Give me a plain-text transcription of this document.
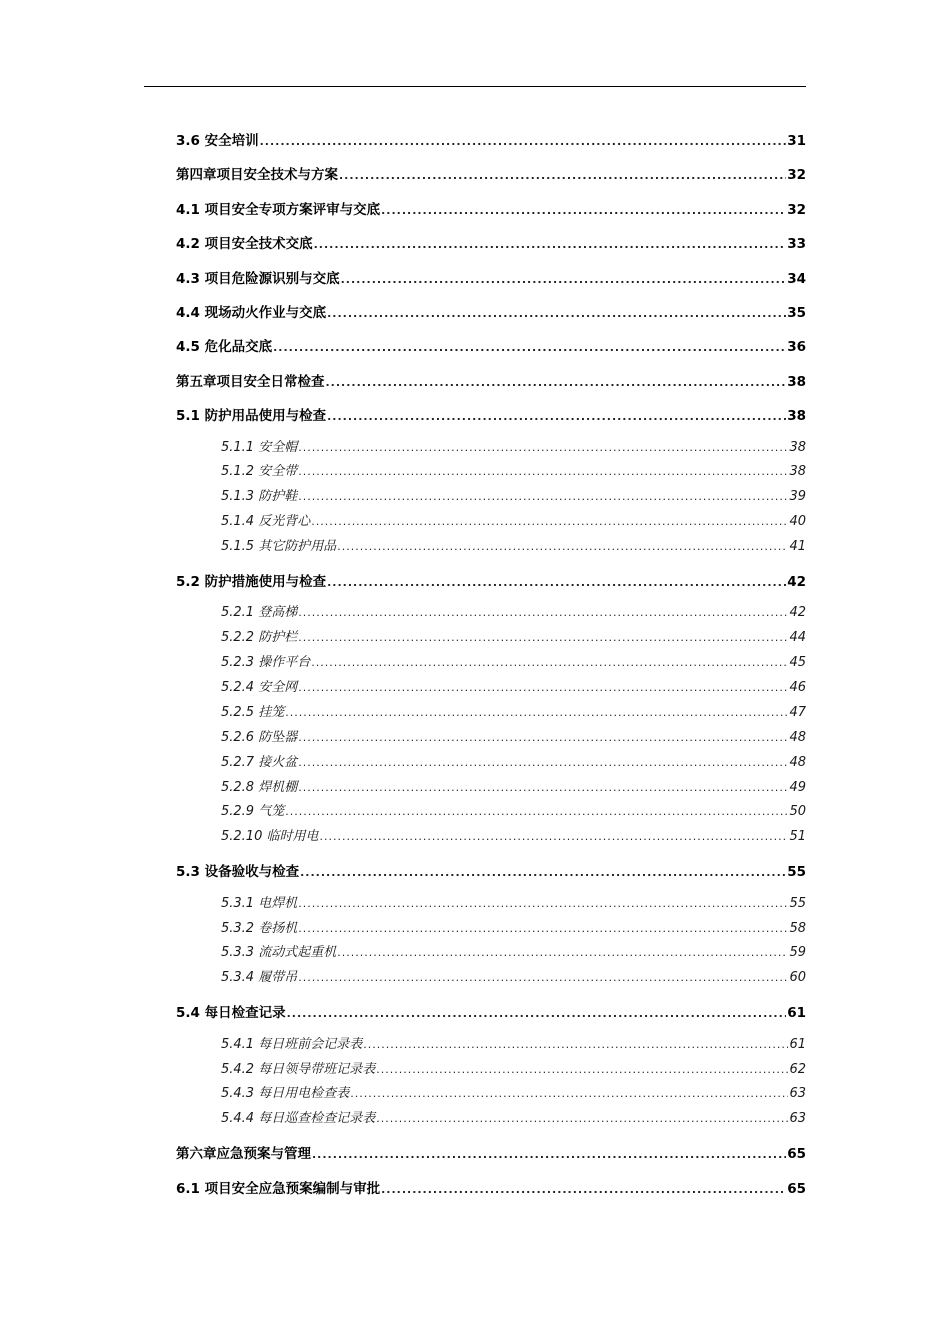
3.6 安全培训 .....	31
第四章项目安全技术与方案 .....	32
4.1 项目安全专项方案评审与交底 .....	32
4.2 项目安全技术交底 .....	33
4.3 项目危险源识别与交底 .....	34
4.4 现场动火作业与交底 .....	35
4.5 危化品交底 .....	36
第五章项目安全日常检查 .....	38
5.1 防护用品使用与检查 .....	38
5.1.1 安全帽 .....	38
5.1.2 安全带 .....	38
5.1.3 防护鞋 .....	39
5.1.4 反光背心 .....	40
5.1.5 其它防护用品 .....	41
5.2 防护措施使用与检查 .....	42
5.2.1 登高梯 .....	42
5.2.2 防护栏 .....	44
5.2.3 操作平台 .....	45
5.2.4 安全网 .....	46
5.2.5 挂笼 .....	47
5.2.6 防坠器 .....	48
5.2.7 接火盆 .....	48
5.2.8 焊机棚 .....	49
5.2.9 气笼 .....	50
5.2.10 临时用电 .....	51
5.3 设备验收与检查 .....	55
5.3.1 电焊机 .....	55
5.3.2 卷扬机 .....	58
5.3.3 流动式起重机 .....	59
5.3.4 履带吊 .....	60
5.4 每日检查记录 .....	61
5.4.1 每日班前会记录表 .....	61
5.4.2 每日领导带班记录表 .....	62
5.4.3 每日用电检查表 .....	63
5.4.4 每日巡查检查记录表 .....	63
第六章应急预案与管理 .....	65
6.1 项目安全应急预案编制与审批 .....	65
